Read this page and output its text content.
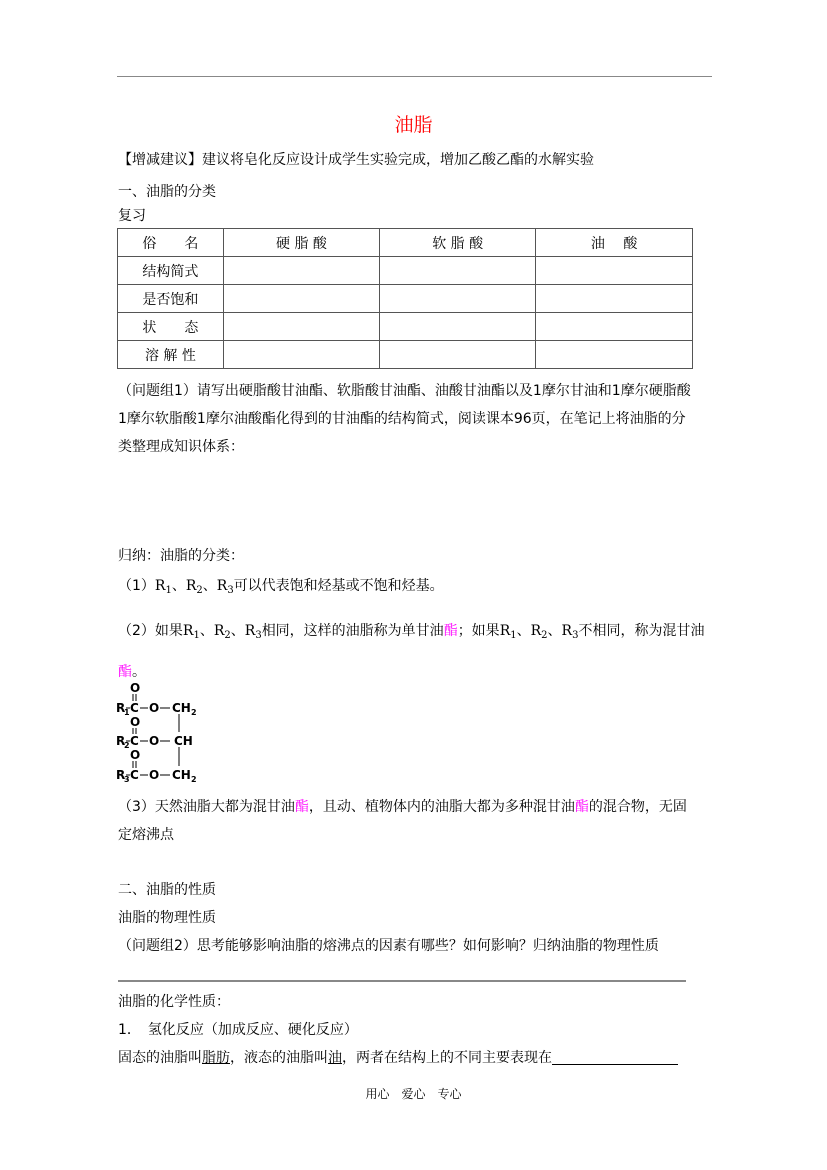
油脂
【增减建议】建议将皂化反应设计成学生实验完成，增加乙酸乙酯的水解实验
一、油脂的分类
复习
俗　　名	硬 脂 酸	软 脂 酸	油　 酸
结构简式			
是否饱和			
状　　态			
溶 解 性			
（问题组1）请写出硬脂酸甘油酯、软脂酸甘油酯、油酸甘油酯以及1摩尔甘油和1摩尔硬脂酸
1摩尔软脂酸1摩尔油酸酯化得到的甘油酯的结构简式，阅读课本96页，在笔记上将油脂的分
类整理成知识体系：
归纳：油脂的分类：
$(1)R_1$、$R_2$、$R_3$可以代表饱和烃基或不饱和烃基。
（2）如果$R_1$、$R_2$、$R_3$相同，这样的油脂称为单甘油酯；如果$R_1$、$R_2$、$R_3$不相同，称为混甘油
酯。
O
R
1 C O CH 2
O
R
2 C O CH
O
R
3 C O CH 2
（3）天然油脂大都为混甘油酯，且动、植物体内的油脂大都为多种混甘油酯的混合物，无固
定熔沸点
二、油脂的性质
油脂的物理性质
（问题组2）思考能够影响油脂的熔沸点的因素有哪些？如何影响？归纳油脂的物理性质
油脂的化学性质：
1．　氢化反应（加成反应、硬化反应）
固态的油脂叫脂肪，液态的油脂叫油，两者在结构上的不同主要表现在
用心　爱心　专心
